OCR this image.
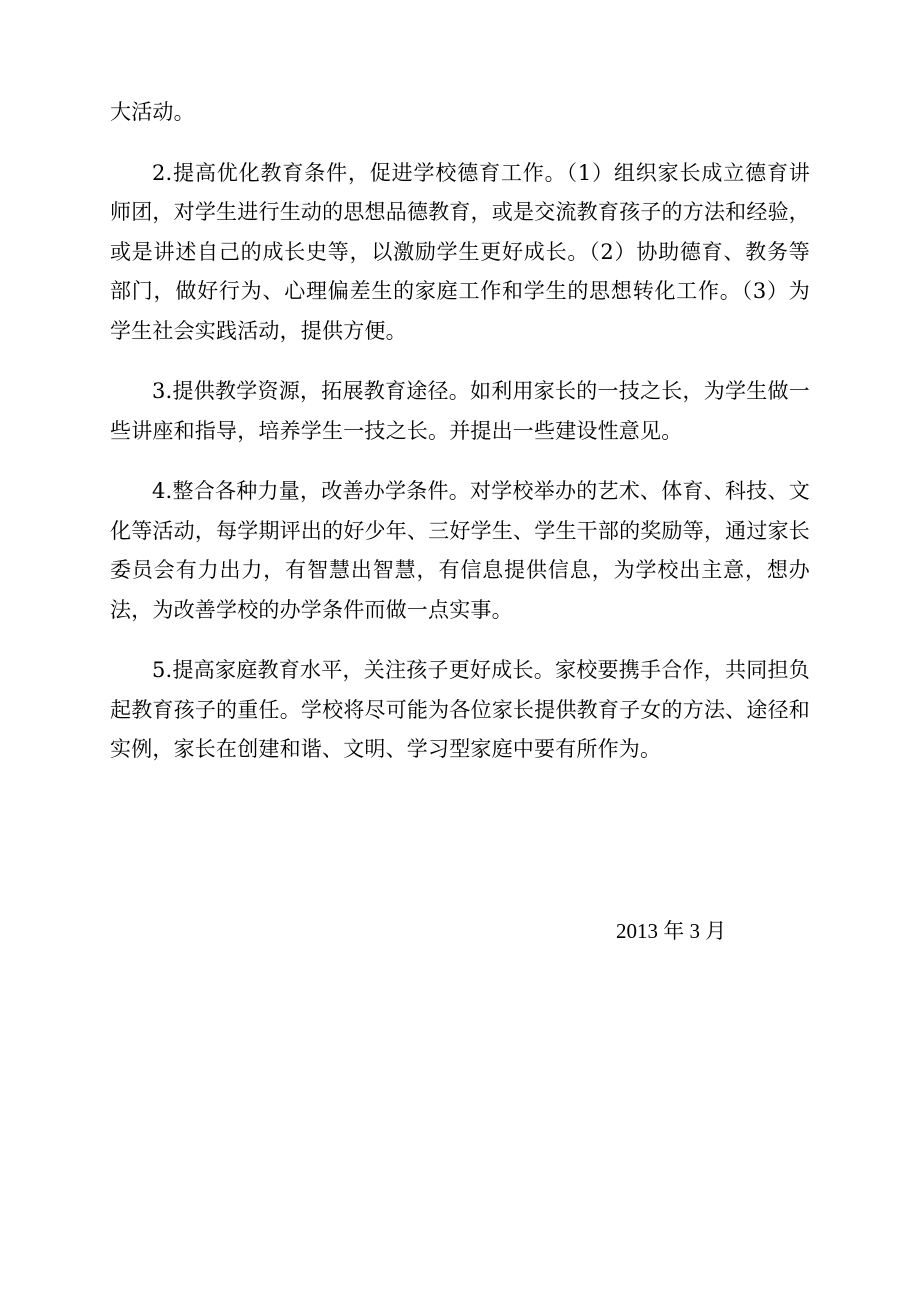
大活动。

2.提高优化教育条件，促进学校德育工作。（1）组织家长成立德育讲师团，对学生进行生动的思想品德教育，或是交流教育孩子的方法和经验，或是讲述自己的成长史等，以激励学生更好成长。（2）协助德育、教务等部门，做好行为、心理偏差生的家庭工作和学生的思想转化工作。（3）为学生社会实践活动，提供方便。

3.提供教学资源，拓展教育途径。如利用家长的一技之长，为学生做一些讲座和指导，培养学生一技之长。并提出一些建设性意见。

4.整合各种力量，改善办学条件。对学校举办的艺术、体育、科技、文化等活动，每学期评出的好少年、三好学生、学生干部的奖励等，通过家长委员会有力出力，有智慧出智慧，有信息提供信息，为学校出主意，想办法，为改善学校的办学条件而做一点实事。

5.提高家庭教育水平，关注孩子更好成长。家校要携手合作，共同担负起教育孩子的重任。学校将尽可能为各位家长提供教育子女的方法、途径和实例，家长在创建和谐、文明、学习型家庭中要有所作为。

2013 年 3 月
